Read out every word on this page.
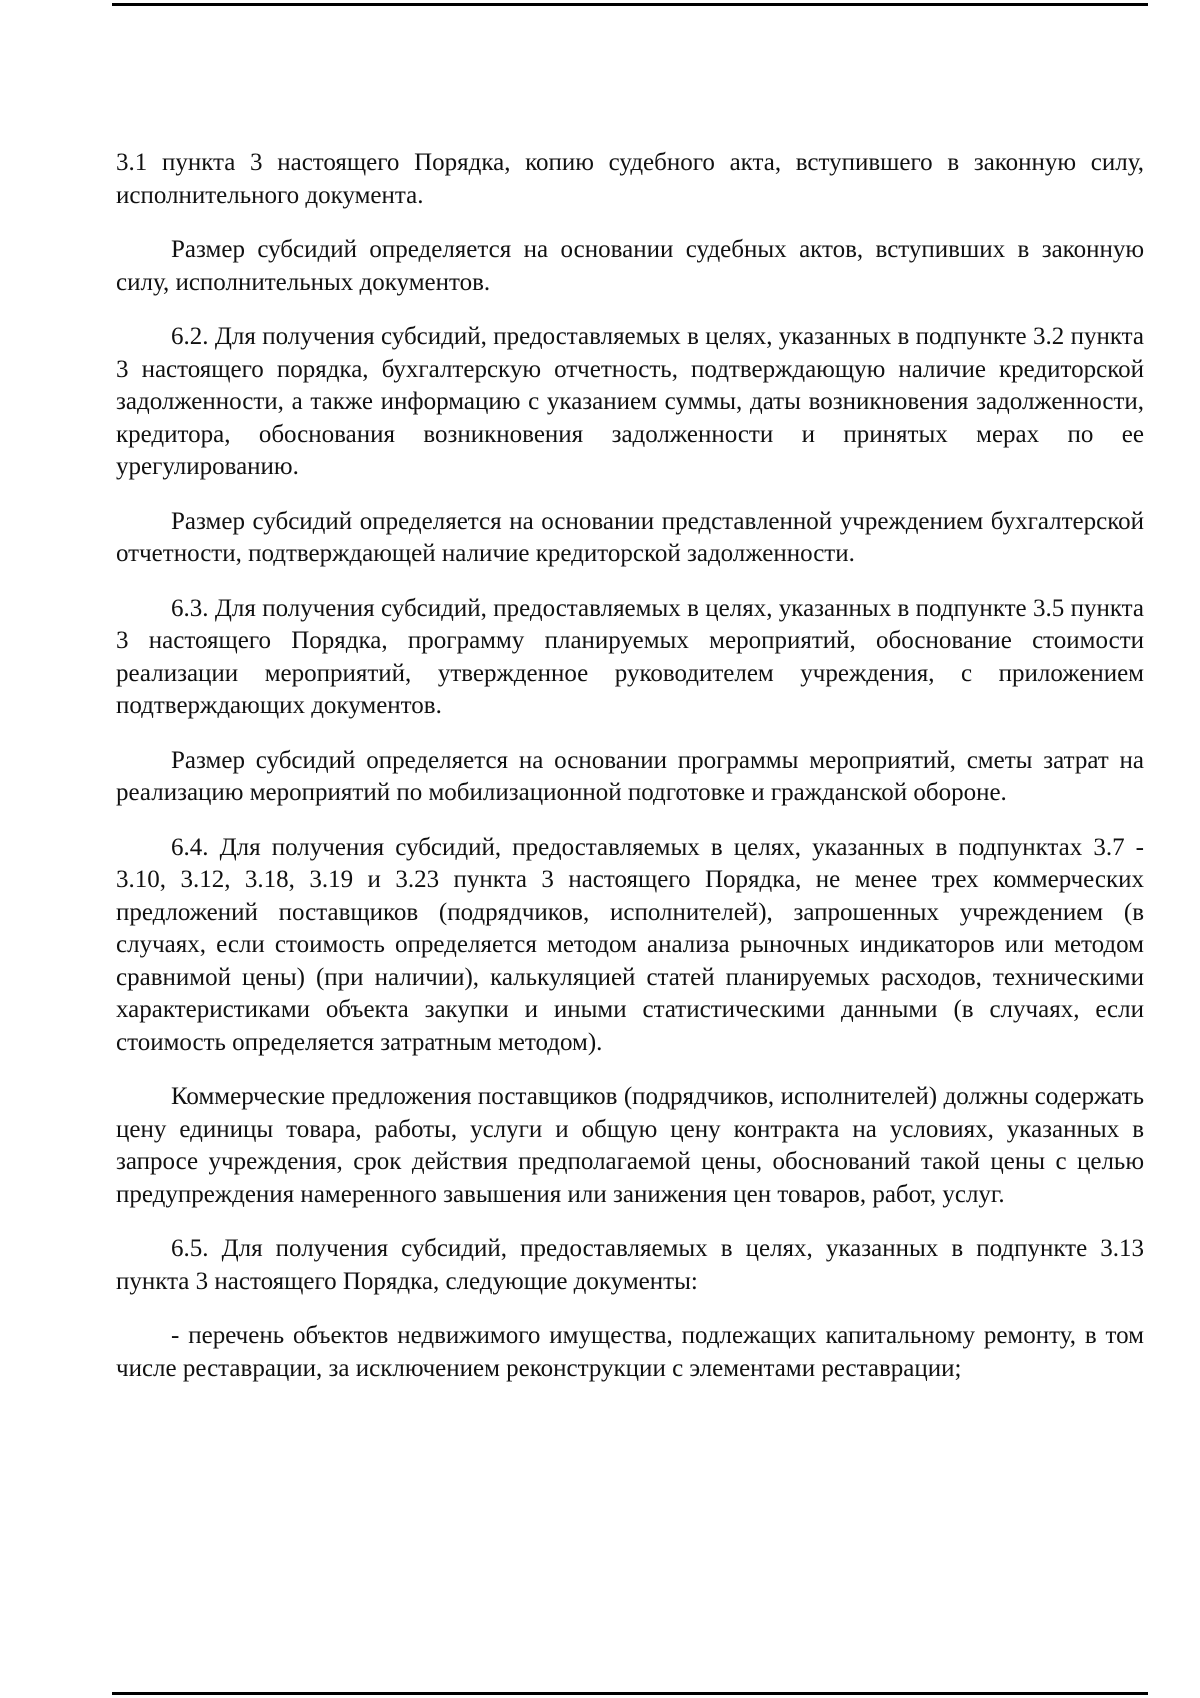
3.1 пункта 3 настоящего Порядка, копию судебного акта, вступившего в законную силу, исполнительного документа.

Размер субсидий определяется на основании судебных актов, вступивших в законную силу, исполнительных документов.

6.2. Для получения субсидий, предоставляемых в целях, указанных в подпункте 3.2 пункта 3 настоящего порядка, бухгалтерскую отчетность, подтверждающую наличие кредиторской задолженности, а также информацию с указанием суммы, даты возникновения задолженности, кредитора, обоснования возникновения задолженности и принятых мерах по ее урегулированию.

Размер субсидий определяется на основании представленной учреждением бухгалтерской отчетности, подтверждающей наличие кредиторской задолженности.

6.3. Для получения субсидий, предоставляемых в целях, указанных в подпункте 3.5 пункта 3 настоящего Порядка, программу планируемых мероприятий, обоснование стоимости реализации мероприятий, утвержденное руководителем учреждения, с приложением подтверждающих документов.

Размер субсидий определяется на основании программы мероприятий, сметы затрат на реализацию мероприятий по мобилизационной подготовке и гражданской обороне.

6.4. Для получения субсидий, предоставляемых в целях, указанных в подпунктах 3.7 - 3.10, 3.12, 3.18, 3.19 и 3.23 пункта 3 настоящего Порядка, не менее трех коммерческих предложений поставщиков (подрядчиков, исполнителей), запрошенных учреждением (в случаях, если стоимость определяется методом анализа рыночных индикаторов или методом сравнимой цены) (при наличии), калькуляцией статей планируемых расходов, техническими характеристиками объекта закупки и иными статистическими данными (в случаях, если стоимость определяется затратным методом).

Коммерческие предложения поставщиков (подрядчиков, исполнителей) должны содержать цену единицы товара, работы, услуги и общую цену контракта на условиях, указанных в запросе учреждения, срок действия предполагаемой цены, обоснований такой цены с целью предупреждения намеренного завышения или занижения цен товаров, работ, услуг.

6.5. Для получения субсидий, предоставляемых в целях, указанных в подпункте 3.13 пункта 3 настоящего Порядка, следующие документы:

- перечень объектов недвижимого имущества, подлежащих капитальному ремонту, в том числе реставрации, за исключением реконструкции с элементами реставрации;
